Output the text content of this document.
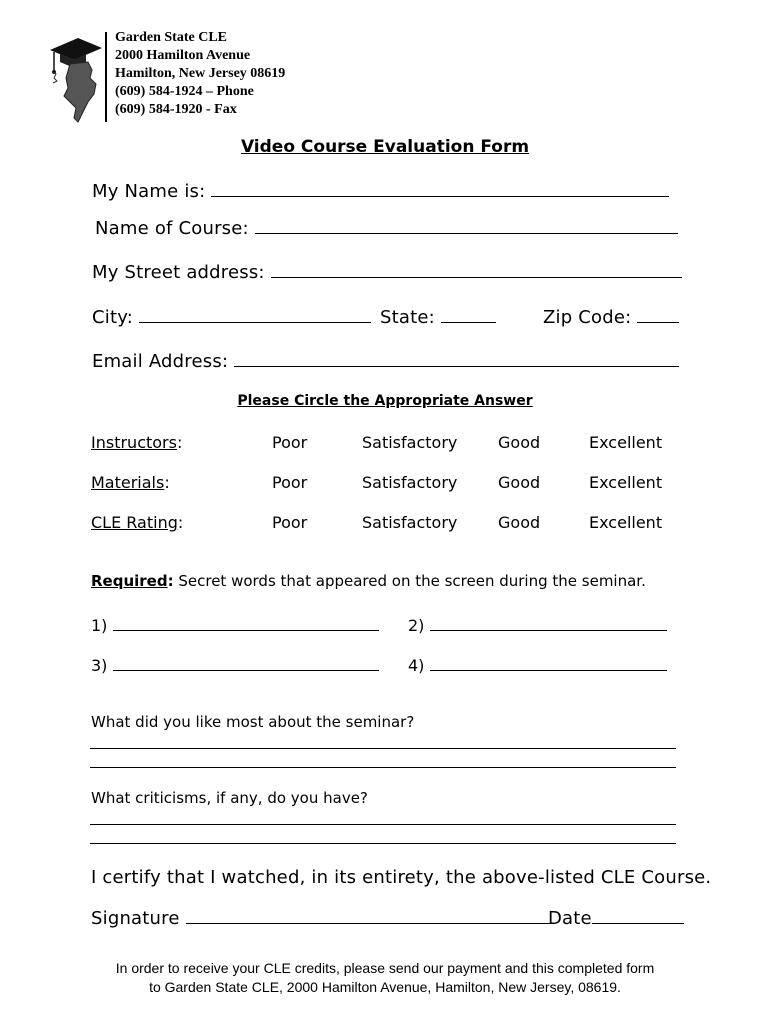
Garden State CLE
2000 Hamilton Avenue
Hamilton, New Jersey 08619
(609) 584-1924 – Phone
(609) 584-1920 - Fax
Video Course Evaluation Form
My Name is:
Name of Course:
My Street address:
City:	State:	Zip Code:
Email Address:
Please Circle the Appropriate Answer
Instructors:	Poor	Satisfactory	Good	Excellent
Materials:	Poor	Satisfactory	Good	Excellent
CLE Rating:	Poor	Satisfactory	Good	Excellent
Required: Secret words that appeared on the screen during the seminar.
1)	2)
3)	4)
What did you like most about the seminar?
What criticisms, if any, do you have?
I certify that I watched, in its entirety, the above-listed CLE Course.
Signature	Date
In order to receive your CLE credits, please send our payment and this completed form
to Garden State CLE, 2000 Hamilton Avenue, Hamilton, New Jersey, 08619.
